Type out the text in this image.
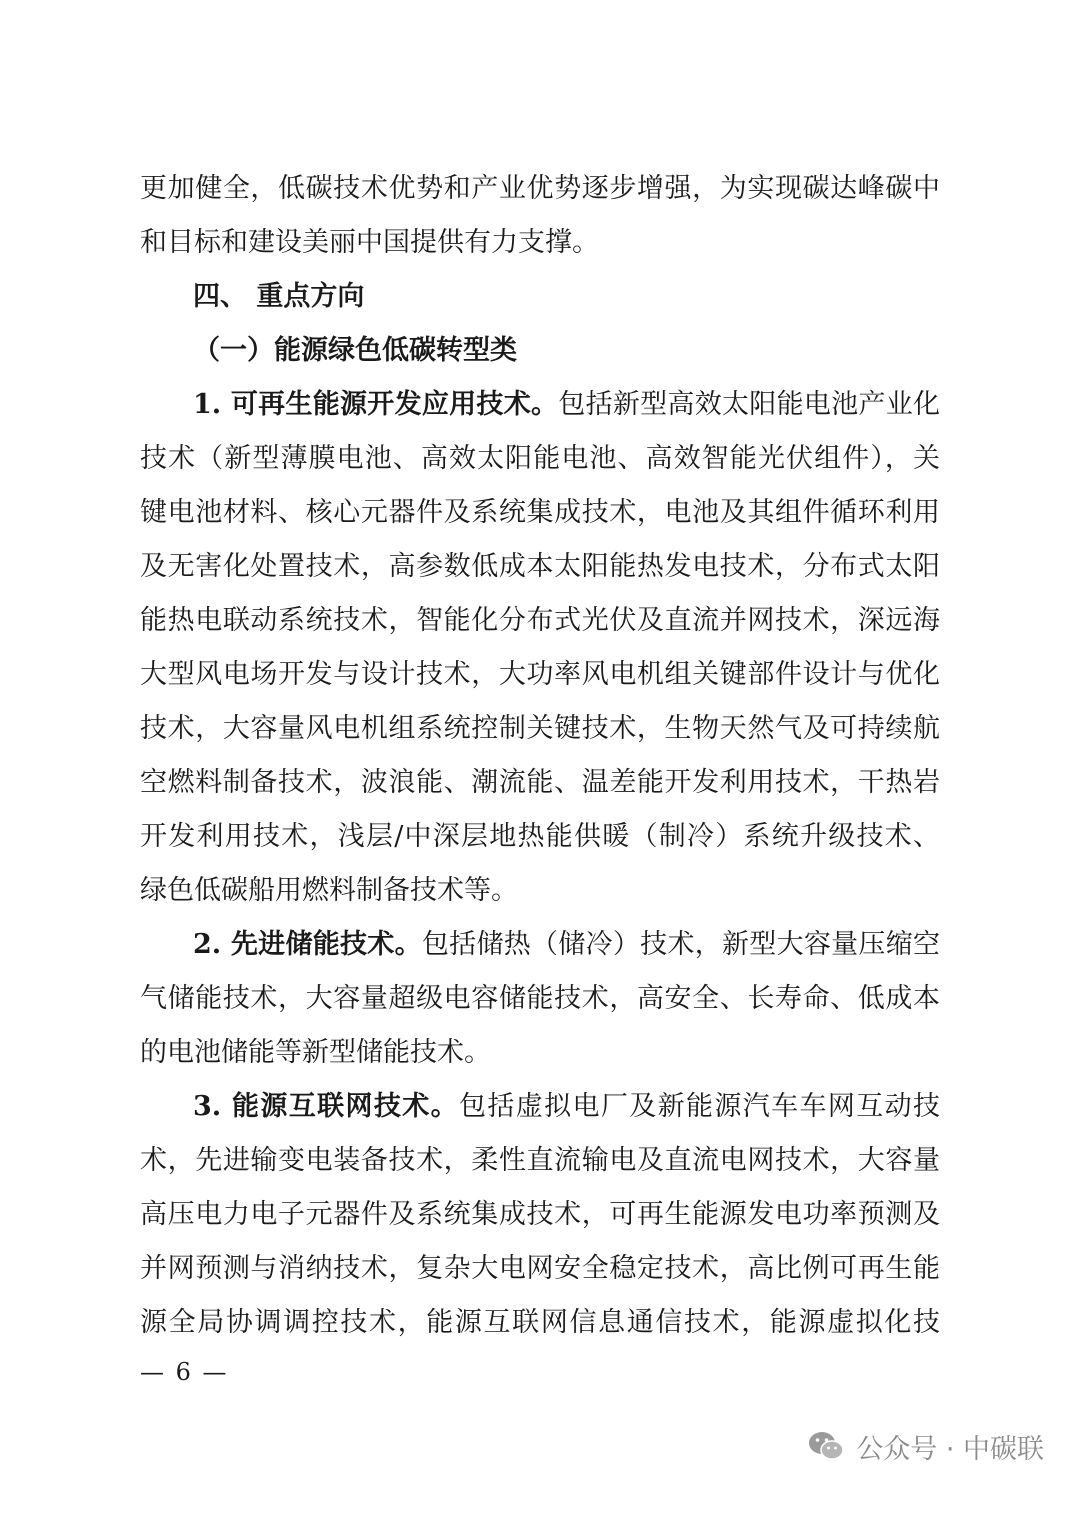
更加健全，低碳技术优势和产业优势逐步增强，为实现碳达峰碳中
和目标和建设美丽中国提供有力支撑。
四、 重点方向
（一）能源绿色低碳转型类
1. 可再生能源开发应用技术。包括新型高效太阳能电池产业化
技术（新型薄膜电池、高效太阳能电池、高效智能光伏组件），关
键电池材料、核心元器件及系统集成技术，电池及其组件循环利用
及无害化处置技术，高参数低成本太阳能热发电技术，分布式太阳
能热电联动系统技术，智能化分布式光伏及直流并网技术，深远海
大型风电场开发与设计技术，大功率风电机组关键部件设计与优化
技术，大容量风电机组系统控制关键技术，生物天然气及可持续航
空燃料制备技术，波浪能、潮流能、温差能开发利用技术，干热岩
开发利用技术，浅层/中深层地热能供暖（制冷）系统升级技术、
绿色低碳船用燃料制备技术等。
2. 先进储能技术。包括储热（储冷）技术，新型大容量压缩空
气储能技术，大容量超级电容储能技术，高安全、长寿命、低成本
的电池储能等新型储能技术。
3. 能源互联网技术。包括虚拟电厂及新能源汽车车网互动技
术，先进输变电装备技术，柔性直流输电及直流电网技术，大容量
高压电力电子元器件及系统集成技术，可再生能源发电功率预测及
并网预测与消纳技术，复杂大电网安全稳定技术，高比例可再生能
源全局协调调控技术，能源互联网信息通信技术，能源虚拟化技
— 6 —
公众号 · 中碳联
